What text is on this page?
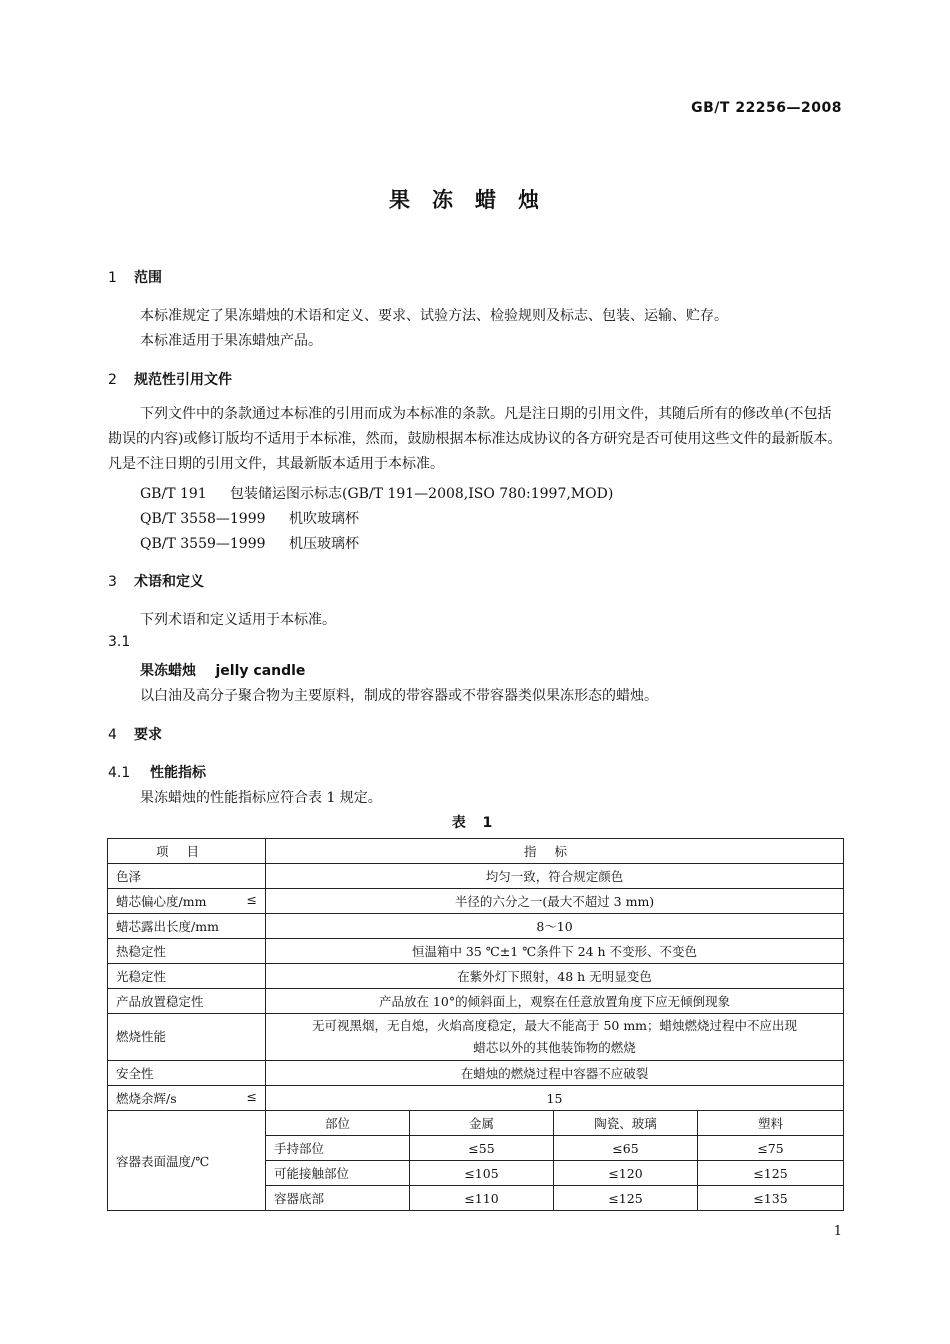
GB/T 22256—2008
果冻蜡烛
1 范围
本标准规定了果冻蜡烛的术语和定义、要求、试验方法、检验规则及标志、包装、运输、贮存。
本标准适用于果冻蜡烛产品。
2 规范性引用文件
下列文件中的条款通过本标准的引用而成为本标准的条款。凡是注日期的引用文件，其随后所有的修改单(不包括勘误的内容)或修订版均不适用于本标准，然而，鼓励根据本标准达成协议的各方研究是否可使用这些文件的最新版本。凡是不注日期的引用文件，其最新版本适用于本标准。
GB/T 191 包装储运图示标志(GB/T 191—2008,ISO 780:1997,MOD)
QB/T 3558—1999 机吹玻璃杯
QB/T 3559—1999 机压玻璃杯
3 术语和定义
下列术语和定义适用于本标准。
3.1
果冻蜡烛 jelly candle
以白油及高分子聚合物为主要原料，制成的带容器或不带容器类似果冻形态的蜡烛。
4 要求
4.1 性能指标
果冻蜡烛的性能指标应符合表 1 规定。
表 1
项目	指标			
色泽	均匀一致，符合规定颜色			
蜡芯偏心度/mm ≤	半径的六分之一(最大不超过 3 mm)			
蜡芯露出长度/mm	8～10			
热稳定性	恒温箱中 35 ℃±1 ℃条件下 24 h 不变形、不变色			
光稳定性	在紫外灯下照射，48 h 无明显变色			
产品放置稳定性	产品放在 10°的倾斜面上，观察在任意放置角度下应无倾倒现象			
燃烧性能	无可视黑烟，无自熄，火焰高度稳定，最大不能高于 50 mm；蜡烛燃烧过程中不应出现
蜡芯以外的其他装饰物的燃烧			

安全性	在蜡烛的燃烧过程中容器不应破裂			
燃烧余辉/s ≤	15			
容器表面温度/℃	部位	金属	陶瓷、玻璃	塑料
	手持部位	≤55	≤65	≤75
	可能接触部位	≤105	≤120	≤125
	容器底部	≤110	≤125	≤135
1
